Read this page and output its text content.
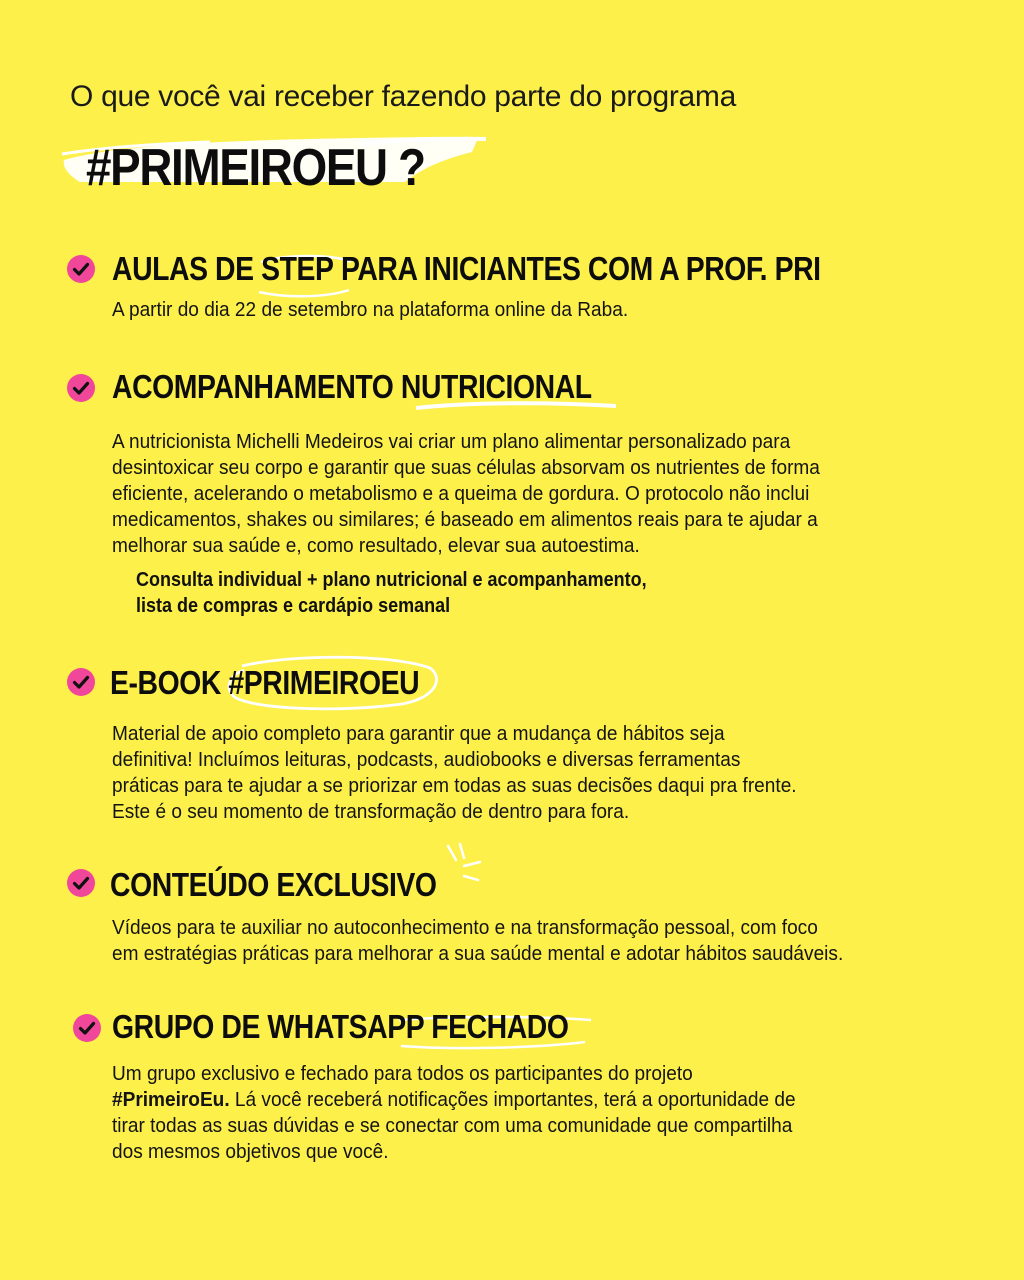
O que você vai receber fazendo parte do programa
#PRIMEIROEU ?
AULAS DE STEP PARA INICIANTES COM A PROF. PRI
A partir do dia 22 de setembro na plataforma online da Raba.
ACOMPANHAMENTO NUTRICIONAL
A nutricionista Michelli Medeiros vai criar um plano alimentar personalizado para
desintoxicar seu corpo e garantir que suas células absorvam os nutrientes de forma
eficiente, acelerando o metabolismo e a queima de gordura. O protocolo não inclui
medicamentos, shakes ou similares; é baseado em alimentos reais para te ajudar a
melhorar sua saúde e, como resultado, elevar sua autoestima.
Consulta individual + plano nutricional e acompanhamento,
lista de compras e cardápio semanal
E-BOOK #PRIMEIROEU
Material de apoio completo para garantir que a mudança de hábitos seja
definitiva! Incluímos leituras, podcasts, audiobooks e diversas ferramentas
práticas para te ajudar a se priorizar em todas as suas decisões daqui pra frente.
Este é o seu momento de transformação de dentro para fora.
CONTEÚDO EXCLUSIVO
Vídeos para te auxiliar no autoconhecimento e na transformação pessoal, com foco
em estratégias práticas para melhorar a sua saúde mental e adotar hábitos saudáveis.
GRUPO DE WHATSAPP FECHADO
Um grupo exclusivo e fechado para todos os participantes do projeto
#PrimeiroEu. Lá você receberá notificações importantes, terá a oportunidade de
tirar todas as suas dúvidas e se conectar com uma comunidade que compartilha
dos mesmos objetivos que você.
